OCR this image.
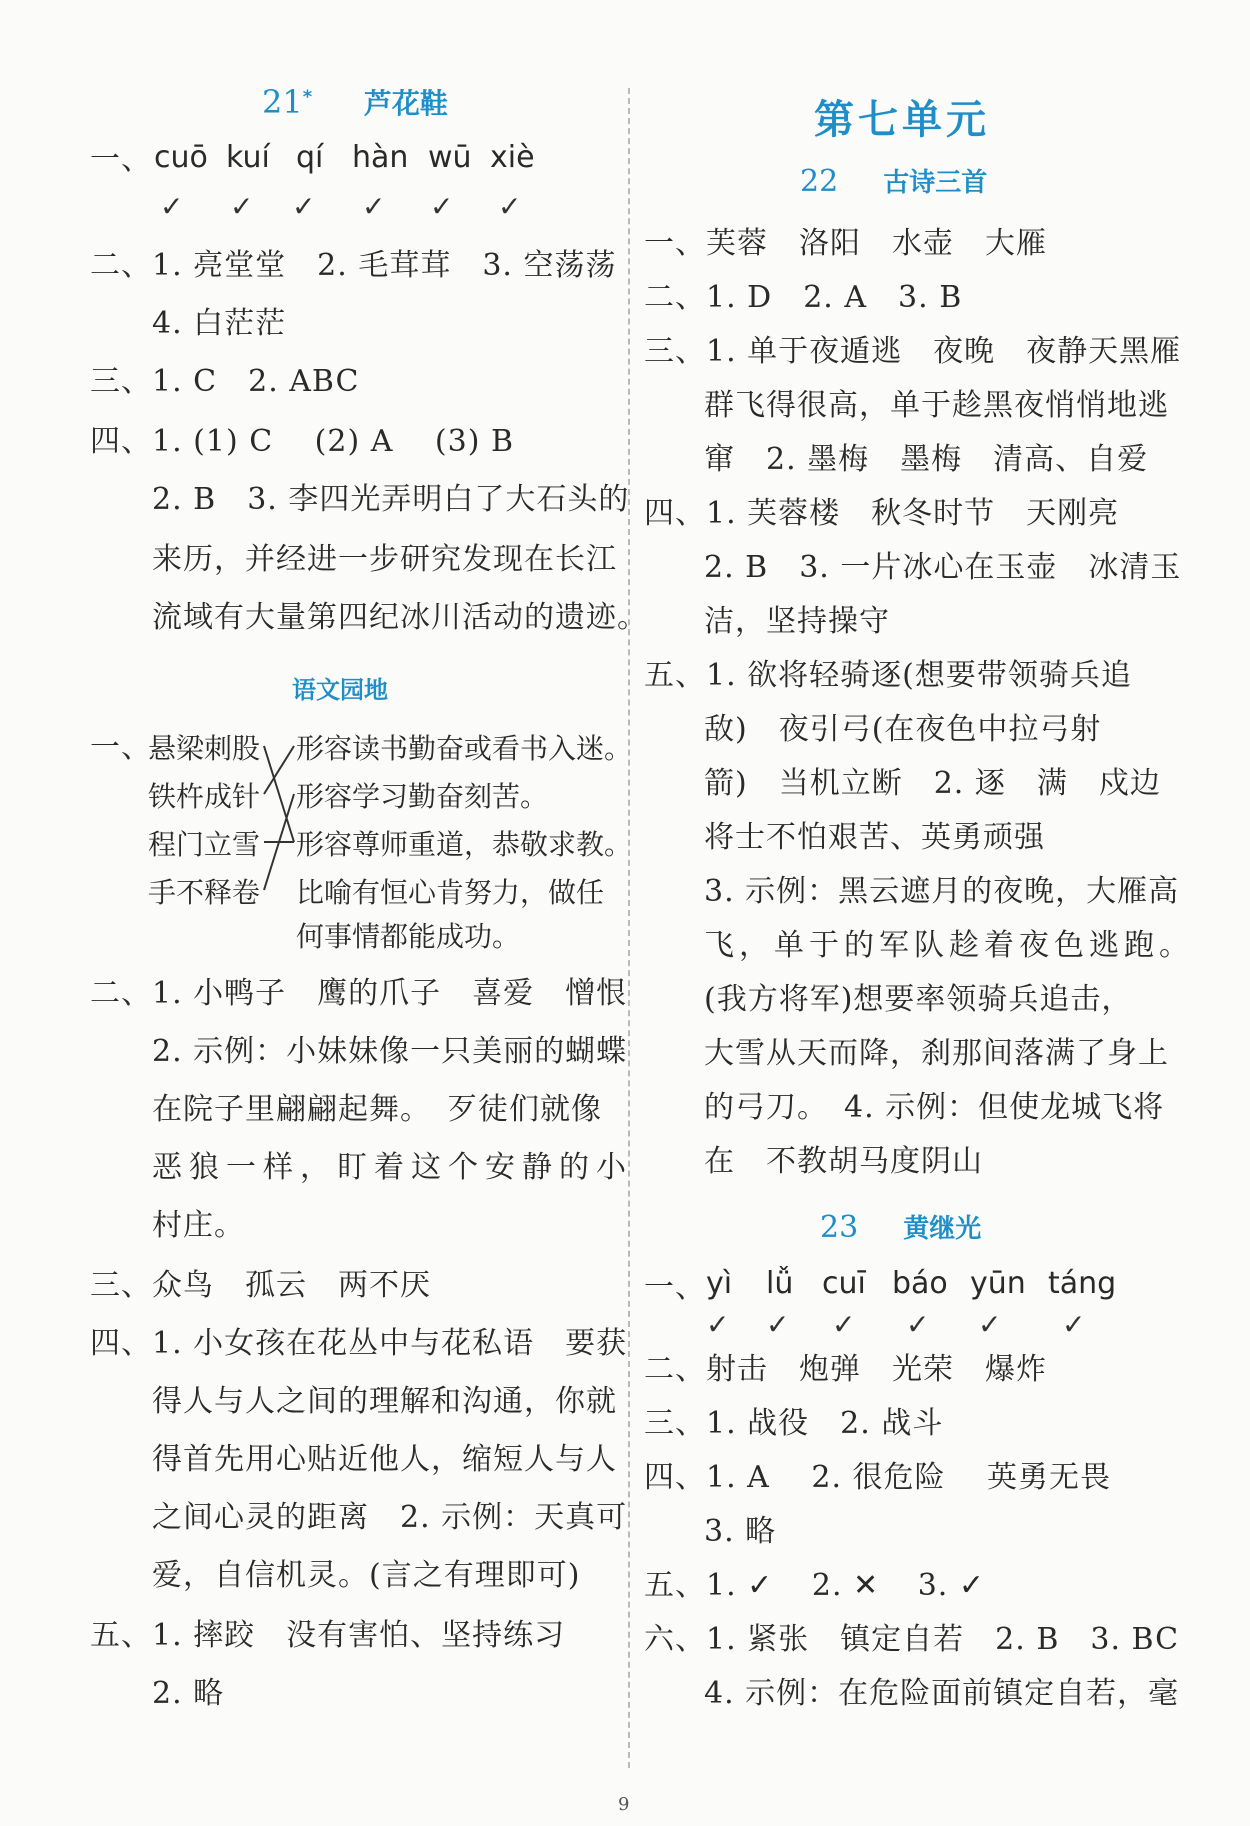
21* 芦花鞋
一、 cuō kuí qí hàn wū xiè
✓ ✓ ✓ ✓ ✓ ✓
二、1. 亮堂堂　2. 毛茸茸　3. 空荡荡
4. 白茫茫
三、1. C　2. ABC
四、1. (1) C　 (2) A　 (3) B
2. B　3. 李四光弄明白了大石头的
来历，并经进一步研究发现在长江
流域有大量第四纪冰川活动的遗迹。
语文园地
一、
悬梁刺股
铁杵成针
程门立雪
手不释卷
形容读书勤奋或看书入迷。
形容学习勤奋刻苦。
形容尊师重道，恭敬求教。
比喻有恒心肯努力，做任
何事情都能成功。
二、1. 小鸭子　鹰的爪子　喜爱　憎恨
2. 示例：小妹妹像一只美丽的蝴蝶
在院子里翩翩起舞。　歹徒们就像
恶狼一样，盯着这个安静的小
村庄。
三、众鸟　孤云　两不厌
四、1. 小女孩在花丛中与花私语　要获
得人与人之间的理解和沟通，你就
得首先用心贴近他人，缩短人与人
之间心灵的距离　2. 示例：天真可
爱，自信机灵。(言之有理即可)
五、1. 摔跤　没有害怕、坚持练习
2. 略
第七单元
22 古诗三首
一、芙蓉　洛阳　水壶　大雁
二、1. D　2. A　3. B
三、1. 单于夜遁逃　夜晚　夜静天黑雁
群飞得很高，单于趁黑夜悄悄地逃
窜　2. 墨梅　墨梅　清高、自爱
四、1. 芙蓉楼　秋冬时节　天刚亮
2. B　3. 一片冰心在玉壶　冰清玉
洁，坚持操守
五、1. 欲将轻骑逐(想要带领骑兵追
敌)　夜引弓(在夜色中拉弓射
箭)　当机立断　2. 逐　满　戍边
将士不怕艰苦、英勇顽强
3. 示例：黑云遮月的夜晚，大雁高
飞，单于的军队趁着夜色逃跑。
(我方将军)想要率领骑兵追击，
大雪从天而降，刹那间落满了身上
的弓刀。　4. 示例：但使龙城飞将
在　不教胡马度阴山
23 黄继光
一、 yì lǚ cuī báo yūn táng
✓ ✓ ✓ ✓ ✓ ✓
二、射击　炮弹　光荣　爆炸
三、1. 战役　2. 战斗
四、1. A　 2. 很危险　 英勇无畏
3. 略
五、1. ✓ 2. ✕ 3. ✓
六、1. 紧张　镇定自若　2. B　3. BC
4. 示例：在危险面前镇定自若，毫
9
